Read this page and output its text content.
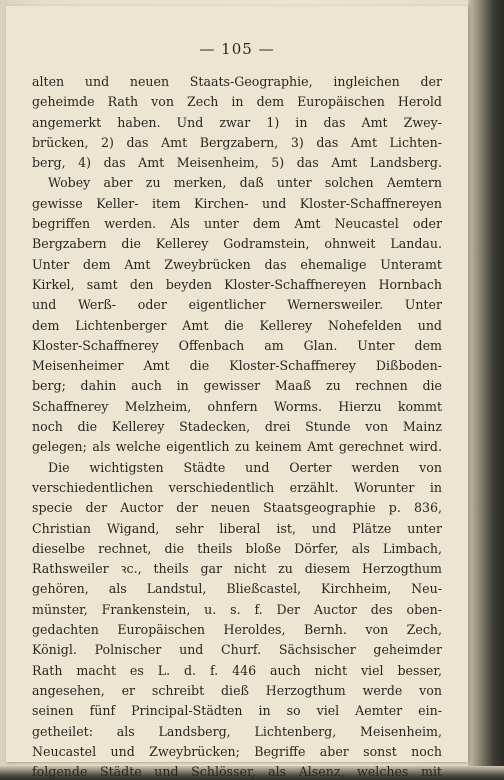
— 105 —
alten und neuen Staats-Geographie, ingleichen der
geheimde Rath von Zech in dem Europäischen Herold
angemerkt haben. Und zwar 1) in das Amt Zwey-
brücken, 2) das Amt Bergzabern, 3) das Amt Lichten-
berg, 4) das Amt Meisenheim, 5) das Amt Landsberg.
Wobey aber zu merken, daß unter solchen Aemtern
gewisse Keller- item Kirchen- und Kloster-Schaffnereyen
begriffen werden. Als unter dem Amt Neucastel oder
Bergzabern die Kellerey Godramstein, ohnweit Landau.
Unter dem Amt Zweybrücken das ehemalige Unteramt
Kirkel, samt den beyden Kloster-Schaffnereyen Hornbach
und Werß- oder eigentlicher Wernersweiler. Unter
dem Lichtenberger Amt die Kellerey Nohefelden und
Kloster-Schaffnerey Offenbach am Glan. Unter dem
Meisenheimer Amt die Kloster-Schaffnerey Dißboden-
berg; dahin auch in gewisser Maaß zu rechnen die
Schaffnerey Melzheim, ohnfern Worms. Hierzu kommt
noch die Kellerey Stadecken, drei Stunde von Mainz
gelegen; als welche eigentlich zu keinem Amt gerechnet wird.
Die wichtigsten Städte und Oerter werden von
verschiedentlichen verschiedentlich erzählt. Worunter in
specie der Auctor der neuen Staatsgeographie p. 836,
Christian Wigand, sehr liberal ist, und Plätze unter
dieselbe rechnet, die theils bloße Dörfer, als Limbach,
Rathsweiler ꝛc., theils gar nicht zu diesem Herzogthum
gehören, als Landstul, Bließcastel, Kirchheim, Neu-
münster, Frankenstein, u. s. f. Der Auctor des oben-
gedachten Europäischen Heroldes, Bernh. von Zech,
Königl. Polnischer und Churf. Sächsischer geheimder
Rath macht es L. d. f. 446 auch nicht viel besser,
angesehen, er schreibt dieß Herzogthum werde von
seinen fünf Principal-Städten in so viel Aemter ein-
getheilet: als Landsberg, Lichtenberg, Meisenheim,
Neucastel und Zweybrücken; Begriffe aber sonst noch
folgende Städte und Schlösser, als Alsenz, welches mit
